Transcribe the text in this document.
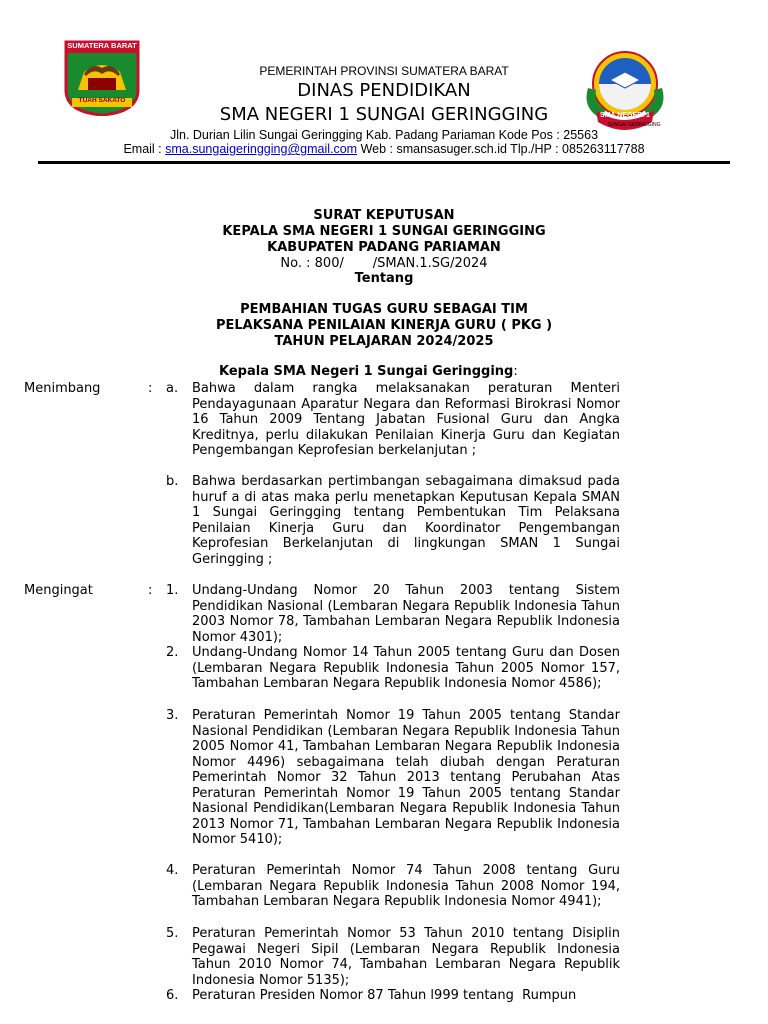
SUMATERA BARAT
TUAH SAKATO
SMA NEGERI 1
SUNGAI GERINGGING
PEMERINTAH PROVINSI SUMATERA BARAT
DINAS PENDIDIKAN
SMA NEGERI 1 SUNGAI GERINGGING
Jln. Durian Lilin Sungai Geringging Kab. Padang Pariaman Kode Pos : 25563
Email : sma.sungaigeringging@gmail.com Web : smansasuger.sch.id Tlp./HP : 085263117788
SURAT KEPUTUSAN
KEPALA SMA NEGERI 1 SUNGAI GERINGGING
KABUPATEN PADANG PARIAMAN
No. : 800/       /SMAN.1.SG/2024
Tentang
PEMBAHIAN TUGAS GURU SEBAGAI TIM
PELAKSANA PENILAIAN KINERJA GURU ( PKG )
TAHUN PELAJARAN 2024/2025
Kepala SMA Negeri 1 Sungai Geringging:
Menimbang	: a. Bahwa dalam rangka melaksanakan peraturan Menteri Pendayagunaan Aparatur Negara dan Reformasi Birokrasi Nomor 16 Tahun 2009 Tentang Jabatan Fusional Guru dan Angka Kreditnya, perlu dilakukan Penilaian Kinerja Guru dan Kegiatan Pengembangan Keprofesian berkelanjutan ;
b. Bahwa berdasarkan pertimbangan sebagaimana dimaksud pada huruf a di atas maka perlu menetapkan Keputusan Kepala SMAN 1 Sungai Geringging tentang Pembentukan Tim Pelaksana Penilaian Kinerja Guru dan Koordinator Pengembangan Keprofesian Berkelanjutan di lingkungan SMAN 1 Sungai Geringging ;
Mengingat	: 1. Undang-Undang Nomor 20 Tahun 2003 tentang Sistem Pendidikan Nasional (Lembaran Negara Republik Indonesia Tahun 2003 Nomor 78, Tambahan Lembaran Negara Republik Indonesia Nomor 4301);
2. Undang-Undang Nomor 14 Tahun 2005 tentang Guru dan Dosen (Lembaran Negara Republik Indonesia Tahun 2005 Nomor 157, Tambahan Lembaran Negara Republik Indonesia Nomor 4586);
3. Peraturan Pemerintah Nomor 19 Tahun 2005 tentang Standar Nasional Pendidikan (Lembaran Negara Republik Indonesia Tahun 2005 Nomor 41, Tambahan Lembaran Negara Republik Indonesia Nomor 4496) sebagaimana telah diubah dengan Peraturan Pemerintah Nomor 32 Tahun 2013 tentang Perubahan Atas Peraturan Pemerintah Nomor 19 Tahun 2005 tentang Standar Nasional Pendidikan(Lembaran Negara Republik Indonesia Tahun 2013 Nomor 71, Tambahan Lembaran Negara Republik Indonesia Nomor 5410);
4. Peraturan Pemerintah Nomor 74 Tahun 2008 tentang Guru (Lembaran Negara Republik Indonesia Tahun 2008 Nomor 194, Tambahan Lembaran Negara Republik Indonesia Nomor 4941);
5. Peraturan Pemerintah Nomor 53 Tahun 2010 tentang Disiplin Pegawai Negeri Sipil (Lembaran Negara Republik Indonesia Tahun 2010 Nomor 74, Tambahan Lembaran Negara Republik Indonesia Nomor 5135);
6. Peraturan Presiden Nomor 87 Tahun l999 tentang  Rumpun
